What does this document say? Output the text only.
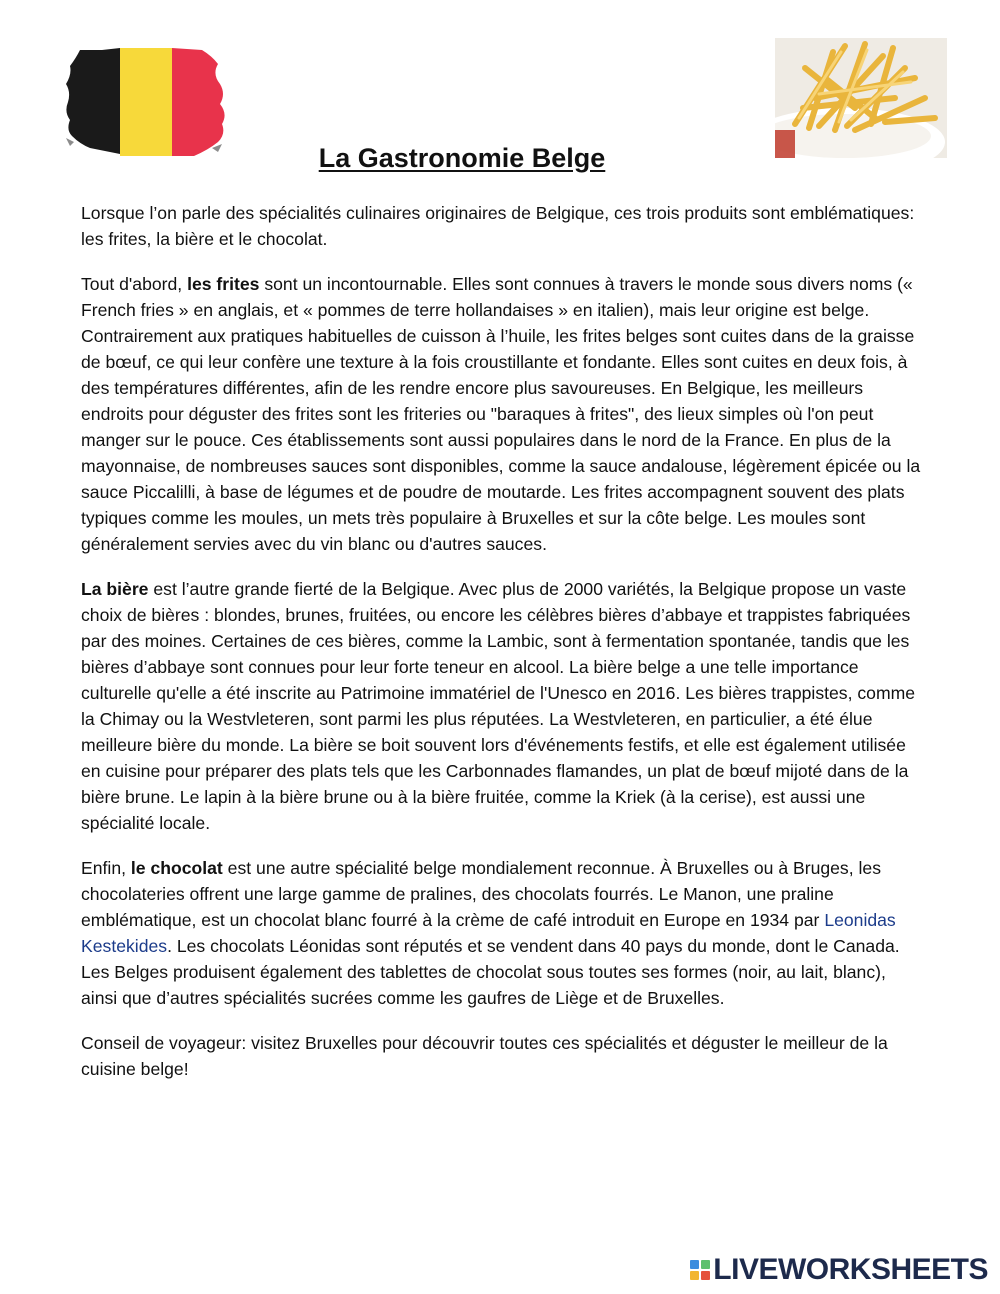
La Gastronomie Belge

Lorsque l’on parle des spécialités culinaires originaires de Belgique, ces trois produits sont emblématiques: les frites, la bière et le chocolat.

Tout d'abord, les frites sont un incontournable. Elles sont connues à travers le monde sous divers noms (« French fries » en anglais, et « pommes de terre hollandaises » en italien), mais leur origine est belge. Contrairement aux pratiques habituelles de cuisson à l’huile, les frites belges sont cuites dans de la graisse de bœuf, ce qui leur confère une texture à la fois croustillante et fondante. Elles sont cuites en deux fois, à des températures différentes, afin de les rendre encore plus savoureuses. En Belgique, les meilleurs endroits pour déguster des frites sont les friteries ou "baraques à frites", des lieux simples où l'on peut manger sur le pouce. Ces établissements sont aussi populaires dans le nord de la France. En plus de la mayonnaise, de nombreuses sauces sont disponibles, comme la sauce andalouse, légèrement épicée ou la sauce Piccalilli, à base de légumes et de poudre de moutarde. Les frites accompagnent souvent des plats typiques comme les moules, un mets très populaire à Bruxelles et sur la côte belge. Les moules sont généralement servies avec du vin blanc ou d'autres sauces.

La bière est l’autre grande fierté de la Belgique. Avec plus de 2000 variétés, la Belgique propose un vaste choix de bières : blondes, brunes, fruitées, ou encore les célèbres bières d’abbaye et trappistes fabriquées par des moines. Certaines de ces bières, comme la Lambic, sont à fermentation spontanée, tandis que les bières d’abbaye sont connues pour leur forte teneur en alcool. La bière belge a une telle importance culturelle qu'elle a été inscrite au Patrimoine immatériel de l'Unesco en 2016. Les bières trappistes, comme la Chimay ou la Westvleteren, sont parmi les plus réputées. La Westvleteren, en particulier, a été élue meilleure bière du monde. La bière se boit souvent lors d'événements festifs, et elle est également utilisée en cuisine pour préparer des plats tels que les Carbonnades flamandes, un plat de bœuf mijoté dans de la bière brune. Le lapin à la bière brune ou à la bière fruitée, comme la Kriek (à la cerise), est aussi une spécialité locale.

Enfin, le chocolat est une autre spécialité belge mondialement reconnue. À Bruxelles ou à Bruges, les chocolateries offrent une large gamme de pralines, des chocolats fourrés. Le Manon, une praline emblématique, est un chocolat blanc fourré à la crème de café introduit en Europe en 1934 par Leonidas Kestekides. Les chocolats Léonidas sont réputés et se vendent dans 40 pays du monde, dont le Canada. Les Belges produisent également des tablettes de chocolat sous toutes ses formes (noir, au lait, blanc), ainsi que d’autres spécialités sucrées comme les gaufres de Liège et de Bruxelles.

Conseil de voyageur: visitez Bruxelles pour découvrir toutes ces spécialités et déguster le meilleur de la cuisine belge!

LIVEWORKSHEETS
